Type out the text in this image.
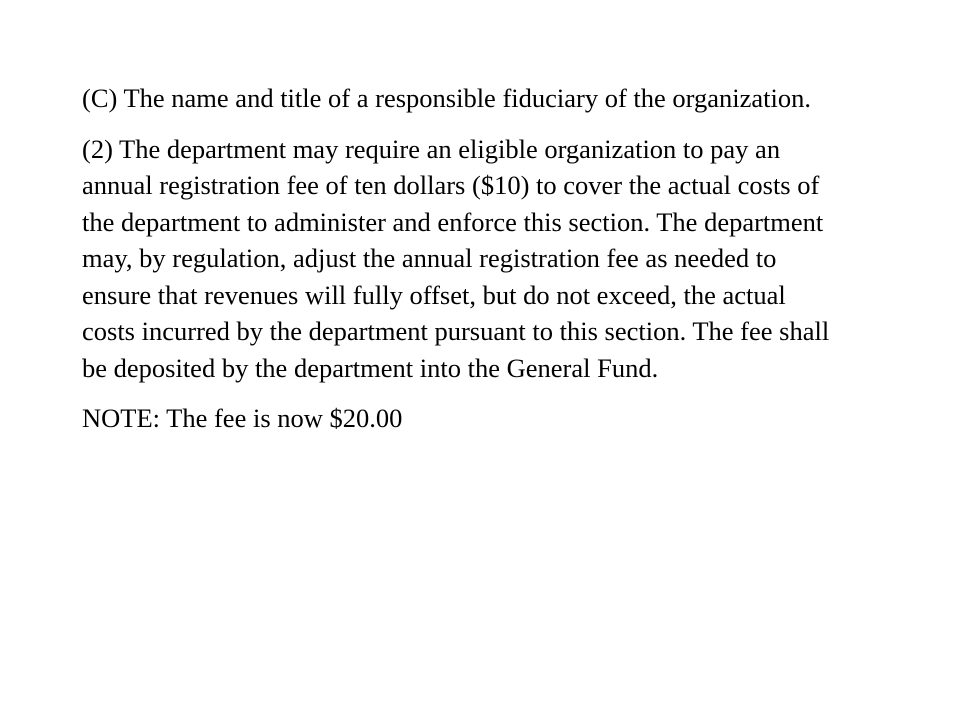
(C) The name and title of a responsible fiduciary of the organization.

(2) The department may require an eligible organization to pay an annual registration fee of ten dollars ($10) to cover the actual costs of the department to administer and enforce this section. The department may, by regulation, adjust the annual registration fee as needed to ensure that revenues will fully offset, but do not exceed, the actual costs incurred by the department pursuant to this section. The fee shall be deposited by the department into the General Fund.

NOTE: The fee is now $20.00
